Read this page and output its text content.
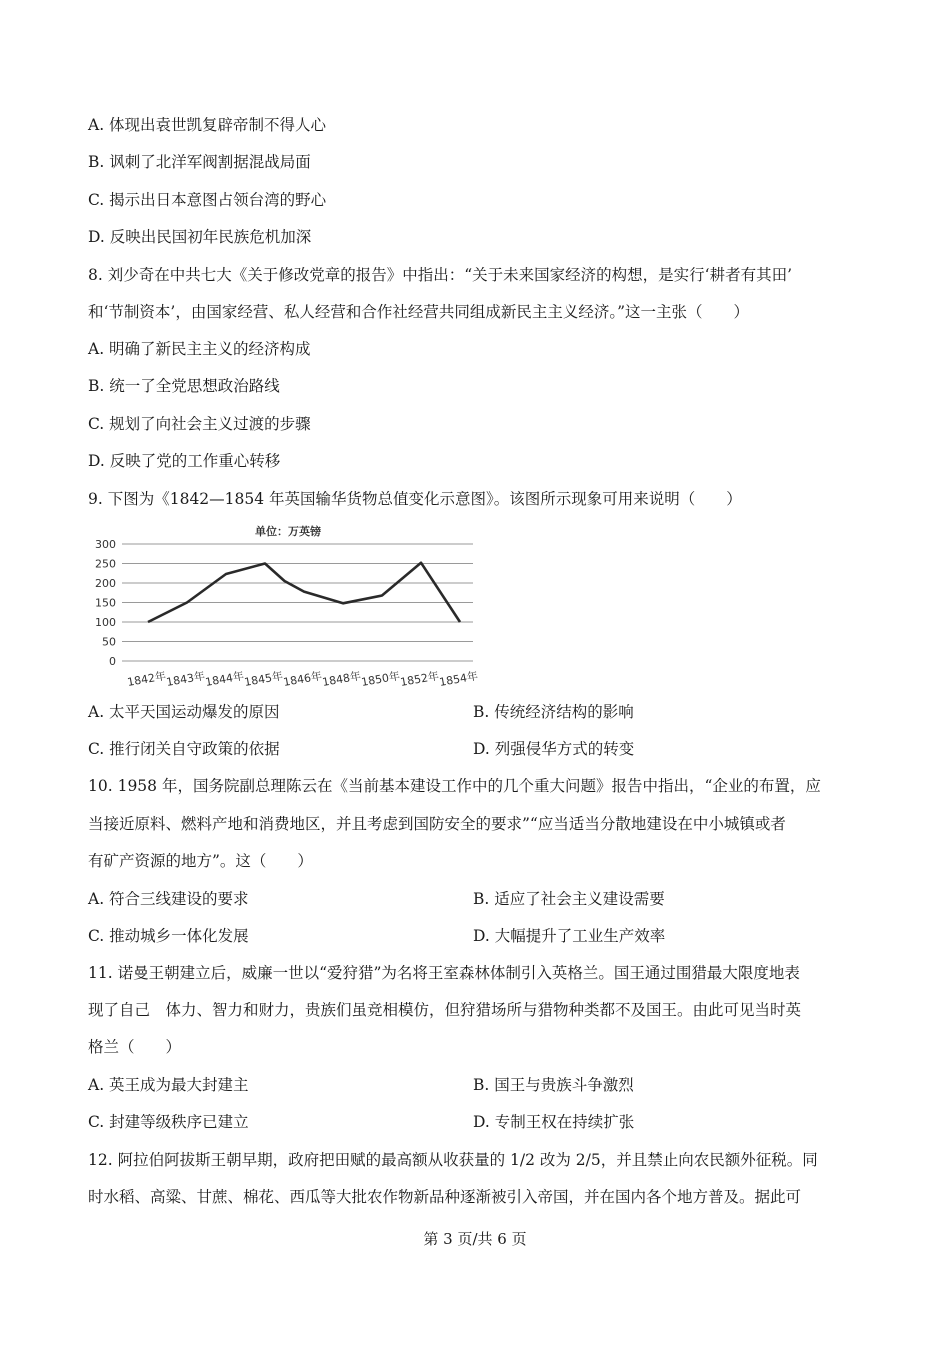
A. 体现出袁世凯复辟帝制不得人心
B. 讽刺了北洋军阀割据混战局面
C. 揭示出日本意图占领台湾的野心
D. 反映出民国初年民族危机加深
8. 刘少奇在中共七大《关于修改党章的报告》中指出：“关于未来国家经济的构想，是实行‘耕者有其田’
和‘节制资本’，由国家经营、私人经营和合作社经营共同组成新民主主义经济。”这一主张（　　）
A. 明确了新民主主义的经济构成
B. 统一了全党思想政治路线
C. 规划了向社会主义过渡的步骤
D. 反映了党的工作重心转移
9. 下图为《1842—1854 年英国输华货物总值变化示意图》。该图所示现象可用来说明（　　）
单位：万英镑
0
50
100
150
200
250
300
1842年
1843年
1844年
1845年
1846年
1848年
1850年
1852年
1854年
A. 太平天国运动爆发的原因	B. 传统经济结构的影响
C. 推行闭关自守政策的依据	D. 列强侵华方式的转变
10. 1958 年，国务院副总理陈云在《当前基本建设工作中的几个重大问题》报告中指出，“企业的布置，应
当接近原料、燃料产地和消费地区，并且考虑到国防安全的要求”“应当适当分散地建设在中小城镇或者
有矿产资源的地方”。这（　　）
A. 符合三线建设的要求	B. 适应了社会主义建设需要
C. 推动城乡一体化发展	D. 大幅提升了工业生产效率
11. 诺曼王朝建立后，威廉一世以“爱狩猎”为名将王室森林体制引入英格兰。国王通过围猎最大限度地表
现了自己　体力、智力和财力，贵族们虽竞相模仿，但狩猎场所与猎物种类都不及国王。由此可见当时英
格兰（　　）
A. 英王成为最大封建主	B. 国王与贵族斗争激烈
C. 封建等级秩序已建立	D. 专制王权在持续扩张
12. 阿拉伯阿拔斯王朝早期，政府把田赋的最高额从收获量的 1/2 改为 2/5，并且禁止向农民额外征税。同
时水稻、高粱、甘蔗、棉花、西瓜等大批农作物新品种逐渐被引入帝国，并在国内各个地方普及。据此可
第 3 页/共 6 页
